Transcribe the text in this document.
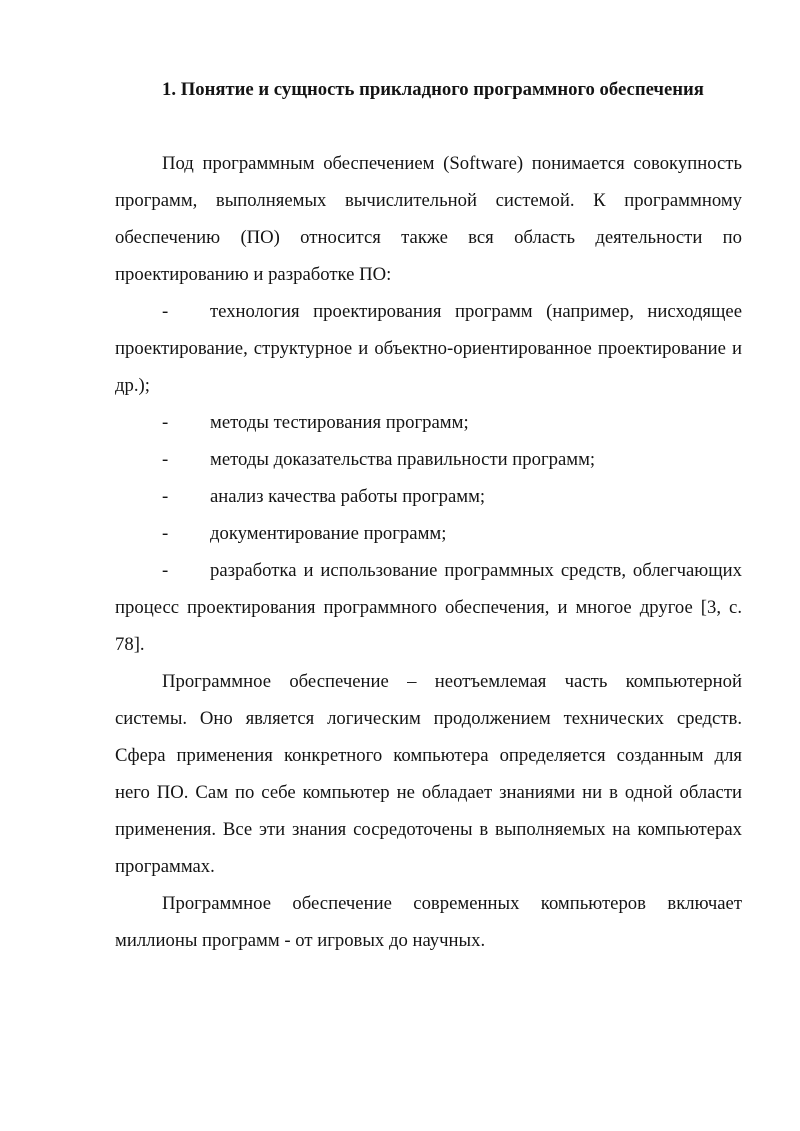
1. Понятие и сущность прикладного программного обеспечения

Под программным обеспечением (Software) понимается совокупность программ, выполняемых вычислительной системой. К программному обеспечению (ПО) относится также вся область деятельности по проектированию и разработке ПО:

- технология проектирования программ (например, нисходящее проектирование, структурное и объектно-ориентированное проектирование и др.);
- методы тестирования программ;
- методы доказательства правильности программ;
- анализ качества работы программ;
- документирование программ;
- разработка и использование программных средств, облегчающих процесс проектирования программного обеспечения, и многое другое [3, с. 78].

Программное обеспечение – неотъемлемая часть компьютерной системы. Оно является логическим продолжением технических средств. Сфера применения конкретного компьютера определяется созданным для него ПО. Сам по себе компьютер не обладает знаниями ни в одной области применения. Все эти знания сосредоточены в выполняемых на компьютерах программах.

Программное обеспечение современных компьютеров включает миллионы программ - от игровых до научных.
